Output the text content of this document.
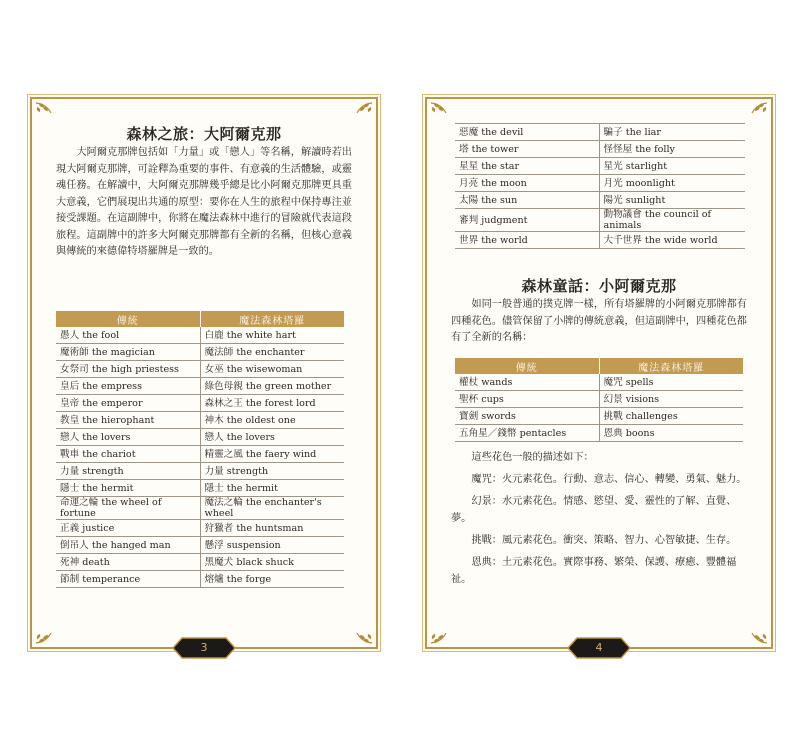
森林之旅：大阿爾克那

大阿爾克那牌包括如「力量」或「戀人」等名稱，解讀時若出現大阿爾克那牌，可詮釋為重要的事件、有意義的生活體驗，或靈魂任務。在解讀中，大阿爾克那牌幾乎總是比小阿爾克那牌更具重大意義，它們展現出共通的原型：要你在人生的旅程中保持專注並接受課題。在這副牌中，你將在魔法森林中進行的冒險就代表這段旅程。這副牌中的許多大阿爾克那牌都有全新的名稱，但核心意義與傳統的來德偉特塔羅牌是一致的。

傳統	魔法森林塔羅
愚人 the fool	白鹿 the white hart
魔術師 the magician	魔法師 the enchanter
女祭司 the high priestess	女巫 the wisewoman
皇后 the empress	綠色母親 the green mother
皇帝 the emperor	森林之王 the forest lord
教皇 the hierophant	神木 the oldest one
戀人 the lovers	戀人 the lovers
戰車 the chariot	精靈之風 the faery wind
力量 strength	力量 strength
隱士 the hermit	隱士 the hermit
命運之輪 the wheel of fortune	魔法之輪 the enchanter's wheel
正義 justice	狩獵者 the huntsman
倒吊人 the hanged man	懸浮 suspension
死神 death	黑魔犬 black shuck
節制 temperance	熔爐 the forge
3
惡魔 the devil	騙子 the liar
塔 the tower	怪怪屋 the folly
星星 the star	星光 starlight
月亮 the moon	月光 moonlight
太陽 the sun	陽光 sunlight
審判 judgment	動物議會 the council of animals
世界 the world	大千世界 the wide world
森林童話：小阿爾克那

如同一般普通的撲克牌一樣，所有塔羅牌的小阿爾克那牌都有四種花色。儘管保留了小牌的傳統意義，但這副牌中，四種花色都有了全新的名稱：

傳統	魔法森林塔羅
權杖 wands	魔咒 spells
聖杯 cups	幻景 visions
寶劍 swords	挑戰 challenges
五角星／錢幣 pentacles	恩典 boons

這些花色一般的描述如下：

魔咒：火元素花色。行動、意志、信心、轉變、勇氣、魅力。

幻景：水元素花色。情感、慾望、愛、靈性的了解、直覺、夢。

挑戰：風元素花色。衝突、策略、智力、心智敏捷、生存。

恩典：土元素花色。實際事務、繁榮、保護、療癒、豐體福祉。

4
